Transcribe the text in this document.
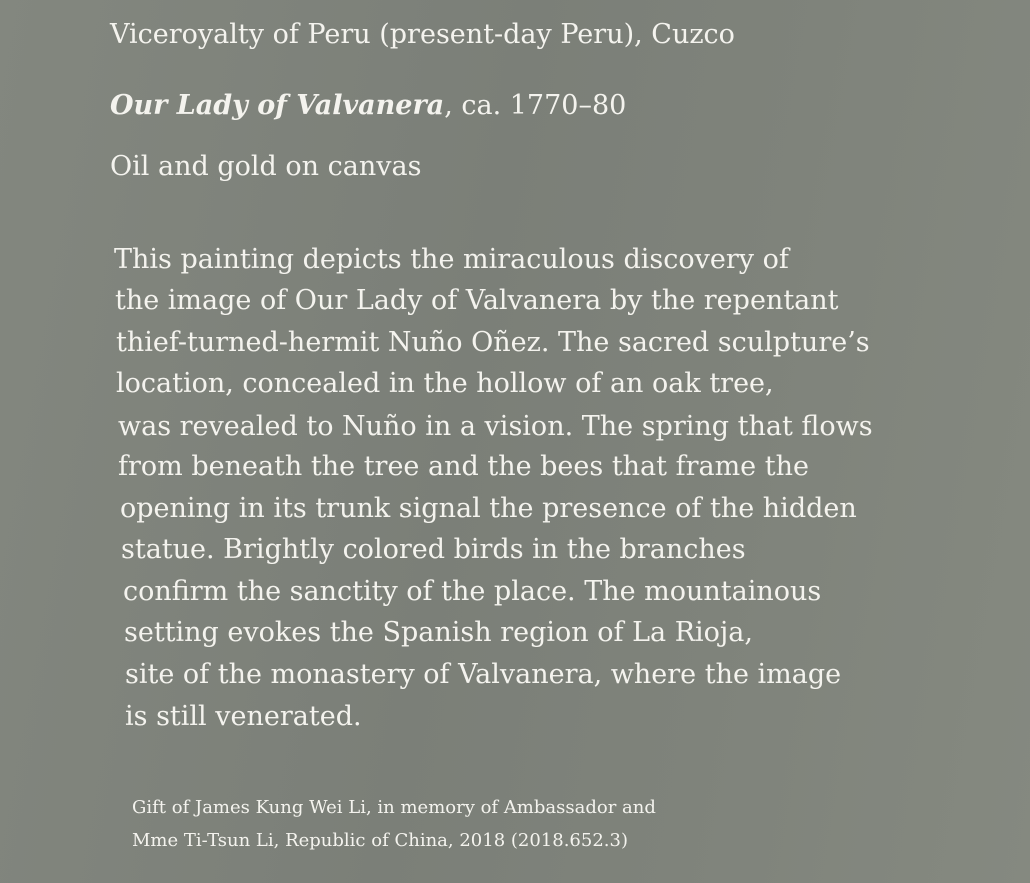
Viceroyalty of Peru (present-day Peru), Cuzco
Our Lady of Valvanera, ca. 1770–80
Oil and gold on canvas
This painting depicts the miraculous discovery of
the image of Our Lady of Valvanera by the repentant
thief-turned-hermit Nuño Oñez. The sacred sculpture’s
location, concealed in the hollow of an oak tree,
was revealed to Nuño in a vision. The spring that flows
from beneath the tree and the bees that frame the
opening in its trunk signal the presence of the hidden
statue. Brightly colored birds in the branches
confirm the sanctity of the place. The mountainous
setting evokes the Spanish region of La Rioja,
site of the monastery of Valvanera, where the image
is still venerated.
Gift of James Kung Wei Li, in memory of Ambassador and
Mme Ti-Tsun Li, Republic of China, 2018 (2018.652.3)
